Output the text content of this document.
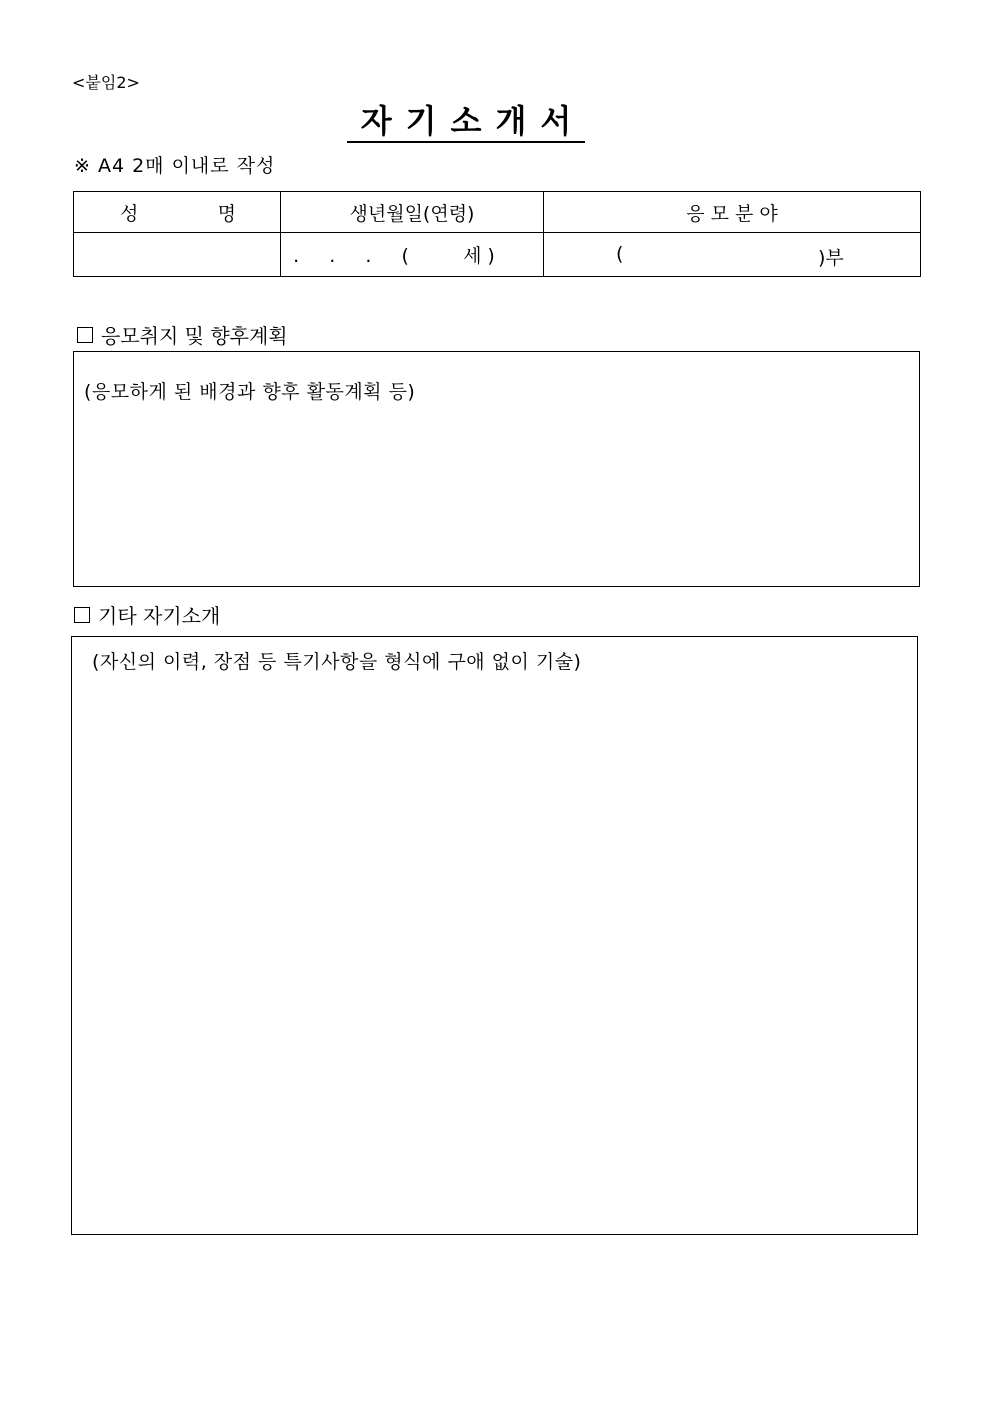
<붙임2>
자기소개서
※ A4 2매 이내로 작성
성 명	생년월일(연령)	응 모 분 야
	.  .  .  (    세)	( )부
응모취지 및 향후계획
(응모하게 된 배경과 향후 활동계획 등)
기타 자기소개
(자신의 이력, 장점 등 특기사항을 형식에 구애 없이 기술)
